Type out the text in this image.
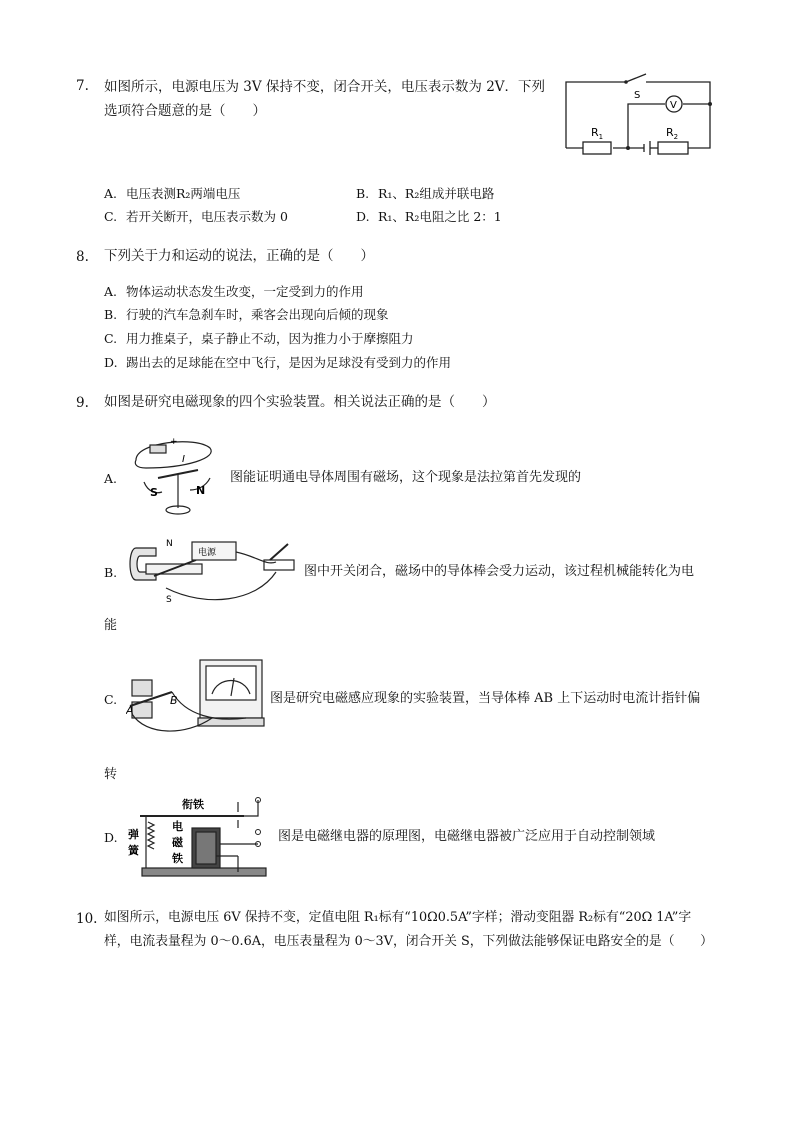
7. 如图所示，电源电压为 3V 保持不变，闭合开关，电压表示数为 2V．下列
选项符合题意的是（　　）
S
V
$R_1$	$R_2$
A. 电压表测R₂两端电压	B. R₁、R₂组成并联电路
C. 若开关断开，电压表示数为 0	D. R₁、R₂电阻之比 2：1
8. 下列关于力和运动的说法，正确的是（　　）
A. 物体运动状态发生改变，一定受到力的作用
B. 行驶的汽车急刹车时，乘客会出现向后倾的现象
C. 用力推桌子，桌子静止不动，因为推力小于摩擦阻力
D. 踢出去的足球能在空中飞行，是因为足球没有受到力的作用
9. 如图是研究电磁现象的四个实验装置。相关说法正确的是（　　）
A.
+
I
S	N
图能证明通电导体周围有磁场，这个现象是法拉第首先发现的
B.
N
S
电源
图中开关闭合，磁场中的导体棒会受力运动，该过程机械能转化为电
能
C.
A
B	图是研究电磁感应现象的实验装置，当导体棒 AB 上下运动时电流计指针偏
转
D.
衔铁
弹
簧
电
磁
铁
图是电磁继电器的原理图，电磁继电器被广泛应用于自动控制领域
10. 如图所示，电源电压 6V 保持不变，定值电阻 R₁标有“10Ω0.5A”字样；滑动变阻器 R₂标有“20Ω 1A”字
样，电流表量程为 0～0.6A，电压表量程为 0～3V，闭合开关 S，下列做法能够保证电路安全的是（　　）
